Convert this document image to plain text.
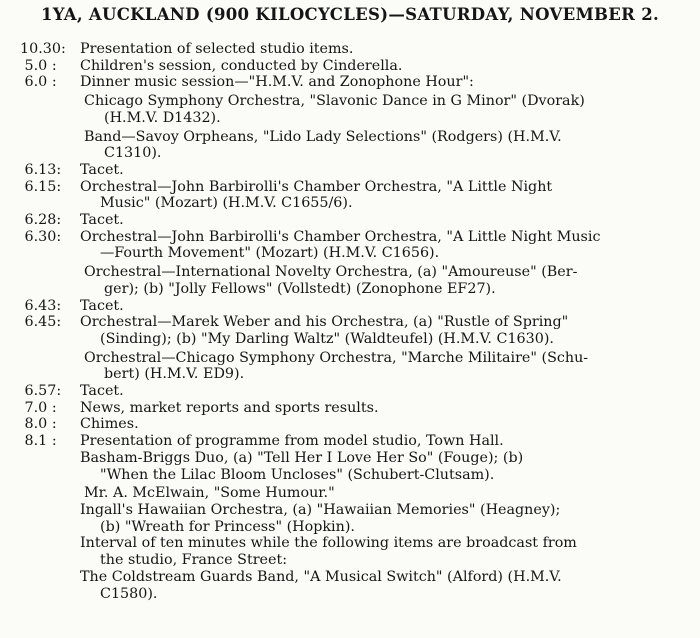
1YA, AUCKLAND (900 KILOCYCLES)—SATURDAY, NOVEMBER 2.
10.30 : Presentation of selected studio items.
5.0 : Children's session, conducted by Cinderella.
6.0 : Dinner music session—"H.M.V. and Zonophone Hour":
Chicago Symphony Orchestra, "Slavonic Dance in G Minor" (Dvorak)
(H.M.V. D1432).
Band—Savoy Orpheans, "Lido Lady Selections" (Rodgers) (H.M.V.
C1310).
6.13 : Tacet.
6.15 : Orchestral—John Barbirolli's Chamber Orchestra, "A Little Night
Music" (Mozart) (H.M.V. C1655/6).
6.28 : Tacet.
6.30 : Orchestral—John Barbirolli's Chamber Orchestra, "A Little Night Music
—Fourth Movement" (Mozart) (H.M.V. C1656).
Orchestral—International Novelty Orchestra, (a) "Amoureuse" (Ber-
ger); (b) "Jolly Fellows" (Vollstedt) (Zonophone EF27).
6.43 : Tacet.
6.45 : Orchestral—Marek Weber and his Orchestra, (a) "Rustle of Spring"
(Sinding); (b) "My Darling Waltz" (Waldteufel) (H.M.V. C1630).
Orchestral—Chicago Symphony Orchestra, "Marche Militaire" (Schu-
bert) (H.M.V. ED9).
6.57 : Tacet.
7.0 : News, market reports and sports results.
8.0 : Chimes.
8.1 : Presentation of programme from model studio, Town Hall.
Basham-Briggs Duo, (a) "Tell Her I Love Her So" (Fouge); (b)
"When the Lilac Bloom Uncloses" (Schubert-Clutsam).
Mr. A. McElwain, "Some Humour."
Ingall's Hawaiian Orchestra, (a) "Hawaiian Memories" (Heagney);
(b) "Wreath for Princess" (Hopkin).
Interval of ten minutes while the following items are broadcast from
the studio, France Street:
The Coldstream Guards Band, "A Musical Switch" (Alford) (H.M.V.
C1580).
